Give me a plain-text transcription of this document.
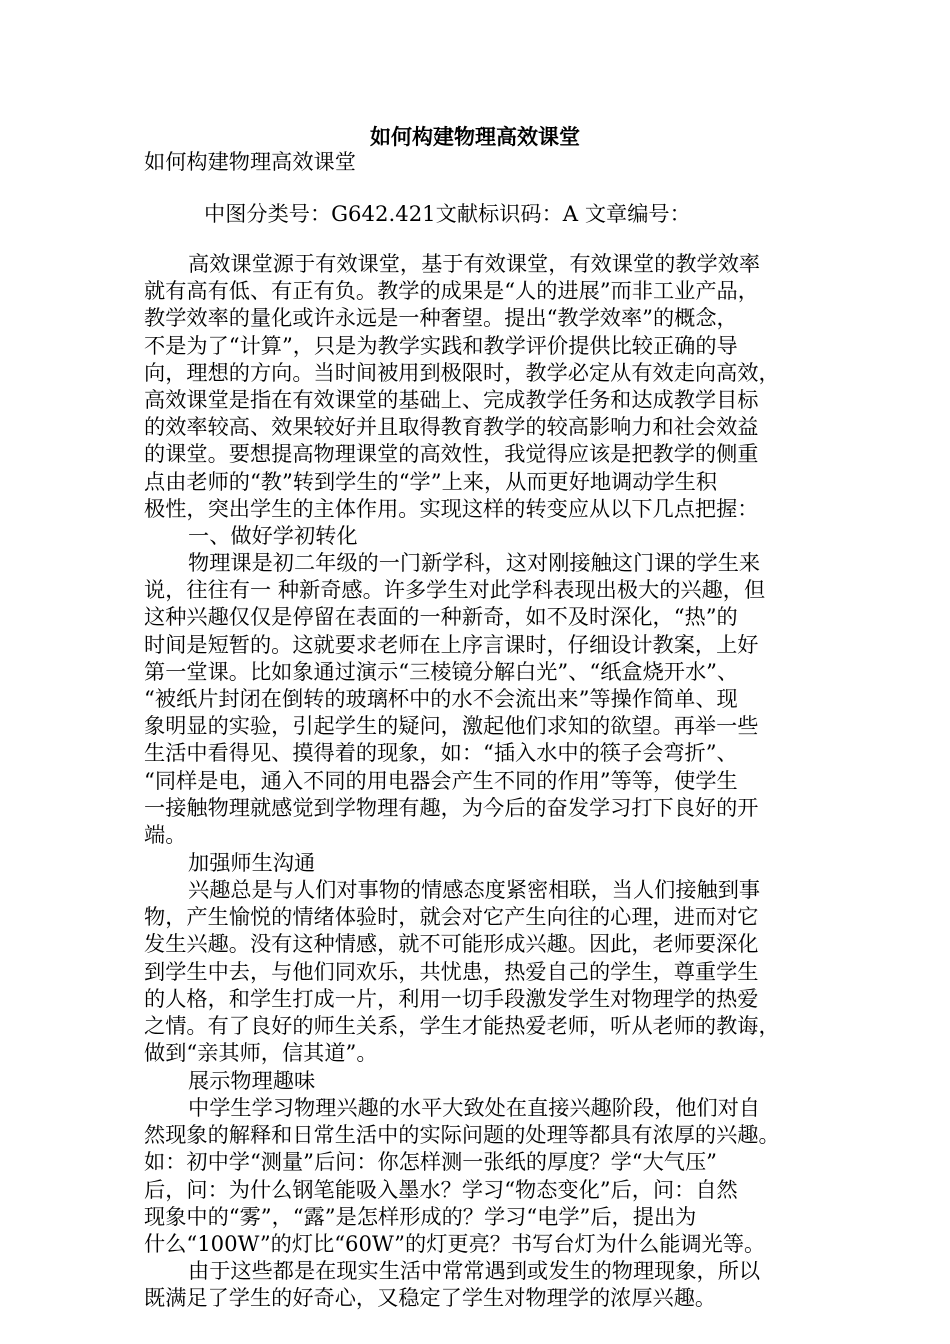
如何构建物理高效课堂
如何构建物理高效课堂
中图分类号：G642.421文献标识码：A 文章编号：
高效课堂源于有效课堂，基于有效课堂，有效课堂的教学效率
就有高有低、有正有负。教学的成果是“人的进展”而非工业产品，
教学效率的量化或许永远是一种奢望。提出“教学效率”的概念，
不是为了“计算”，只是为教学实践和教学评价提供比较正确的导
向，理想的方向。当时间被用到极限时，教学必定从有效走向高效，
高效课堂是指在有效课堂的基础上、完成教学任务和达成教学目标
的效率较高、效果较好并且取得教育教学的较高影响力和社会效益
的课堂。要想提高物理课堂的高效性，我觉得应该是把教学的侧重
点由老师的“教”转到学生的“学”上来，从而更好地调动学生积
极性，突出学生的主体作用。实现这样的转变应从以下几点把握：
一、做好学初转化
物理课是初二年级的一门新学科，这对刚接触这门课的学生来
说，往往有一 种新奇感。许多学生对此学科表现出极大的兴趣，但
这种兴趣仅仅是停留在表面的一种新奇，如不及时深化，“热”的
时间是短暂的。这就要求老师在上序言课时，仔细设计教案，上好
第一堂课。比如象通过演示“三棱镜分解白光”、“纸盒烧开水”、
“被纸片封闭在倒转的玻璃杯中的水不会流出来”等操作简单、现
象明显的实验，引起学生的疑问，激起他们求知的欲望。再举一些
生活中看得见、摸得着的现象，如：“插入水中的筷子会弯折”、
“同样是电，通入不同的用电器会产生不同的作用”等等，使学生
一接触物理就感觉到学物理有趣，为今后的奋发学习打下良好的开
端。
加强师生沟通
兴趣总是与人们对事物的情感态度紧密相联，当人们接触到事
物，产生愉悦的情绪体验时，就会对它产生向往的心理，进而对它
发生兴趣。没有这种情感，就不可能形成兴趣。因此，老师要深化
到学生中去，与他们同欢乐，共忧患，热爱自己的学生，尊重学生
的人格，和学生打成一片，利用一切手段激发学生对物理学的热爱
之情。有了良好的师生关系，学生才能热爱老师，听从老师的教诲，
做到“亲其师，信其道”。
展示物理趣味
中学生学习物理兴趣的水平大致处在直接兴趣阶段，他们对自
然现象的解释和日常生活中的实际问题的处理等都具有浓厚的兴趣。
如：初中学“测量”后问：你怎样测一张纸的厚度？学“大气压”
后，问：为什么钢笔能吸入墨水？学习“物态变化”后，问：自然
现象中的“雾”，“露”是怎样形成的？学习“电学”后，提出为
什么“100W”的灯比“60W”的灯更亮？书写台灯为什么能调光等。
由于这些都是在现实生活中常常遇到或发生的物理现象，所以
既满足了学生的好奇心，又稳定了学生对物理学的浓厚兴趣。
